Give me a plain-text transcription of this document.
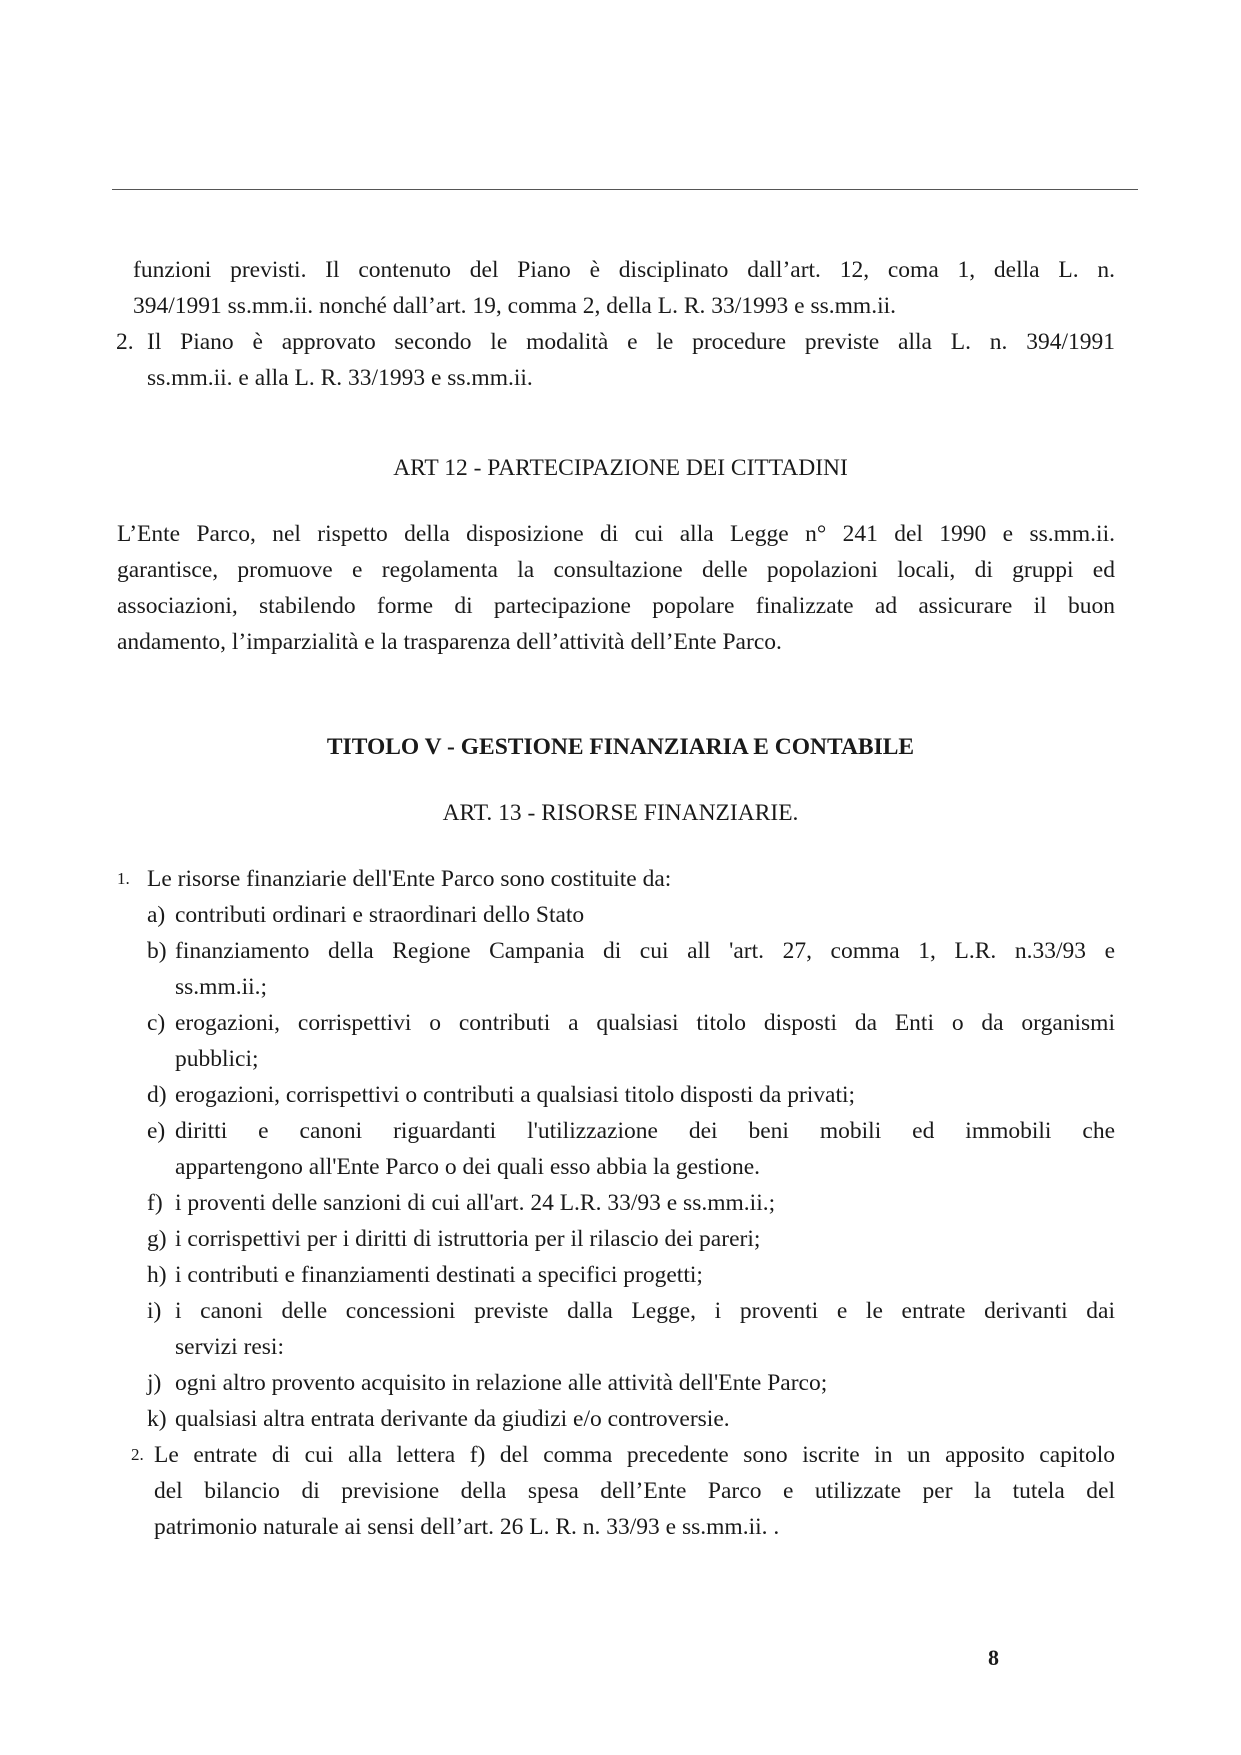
funzioni previsti. Il contenuto del Piano è disciplinato dall’art. 12, coma 1, della L. n.
394/1991 ss.mm.ii. nonché dall’art. 19, comma 2, della L. R. 33/1993 e ss.mm.ii.
2. Il Piano è approvato secondo le modalità e le procedure previste alla L. n. 394/1991
ss.mm.ii. e alla L. R. 33/1993 e ss.mm.ii.
ART 12 - PARTECIPAZIONE DEI CITTADINI
L’Ente Parco, nel rispetto della disposizione di cui alla Legge n° 241 del 1990 e ss.mm.ii.
garantisce, promuove e regolamenta la consultazione delle popolazioni locali, di gruppi ed
associazioni, stabilendo forme di partecipazione popolare finalizzate ad assicurare il buon
andamento, l’imparzialità e la trasparenza dell’attività dell’Ente Parco.
TITOLO V - GESTIONE FINANZIARIA E CONTABILE
ART. 13 - RISORSE FINANZIARIE.
1. Le risorse finanziarie dell'Ente Parco sono costituite da:
a) contributi ordinari e straordinari dello Stato
b) finanziamento della Regione Campania di cui all 'art. 27, comma 1, L.R. n.33/93 e
ss.mm.ii.;
c) erogazioni, corrispettivi o contributi a qualsiasi titolo disposti da Enti o da organismi
pubblici;
d) erogazioni, corrispettivi o contributi a qualsiasi titolo disposti da privati;
e) diritti e canoni riguardanti l'utilizzazione dei beni mobili ed immobili che
appartengono all'Ente Parco o dei quali esso abbia la gestione.
f) i proventi delle sanzioni di cui all'art. 24 L.R. 33/93 e ss.mm.ii.;
g) i corrispettivi per i diritti di istruttoria per il rilascio dei pareri;
h) i contributi e finanziamenti destinati a specifici progetti;
i) i canoni delle concessioni previste dalla Legge, i proventi e le entrate derivanti dai
servizi resi:
j) ogni altro provento acquisito in relazione alle attività dell'Ente Parco;
k) qualsiasi altra entrata derivante da giudizi e/o controversie.
2. Le entrate di cui alla lettera f) del comma precedente sono iscrite in un apposito capitolo
del bilancio di previsione della spesa dell’Ente Parco e utilizzate per la tutela del
patrimonio naturale ai sensi dell’art. 26 L. R. n. 33/93 e ss.mm.ii. .
8
